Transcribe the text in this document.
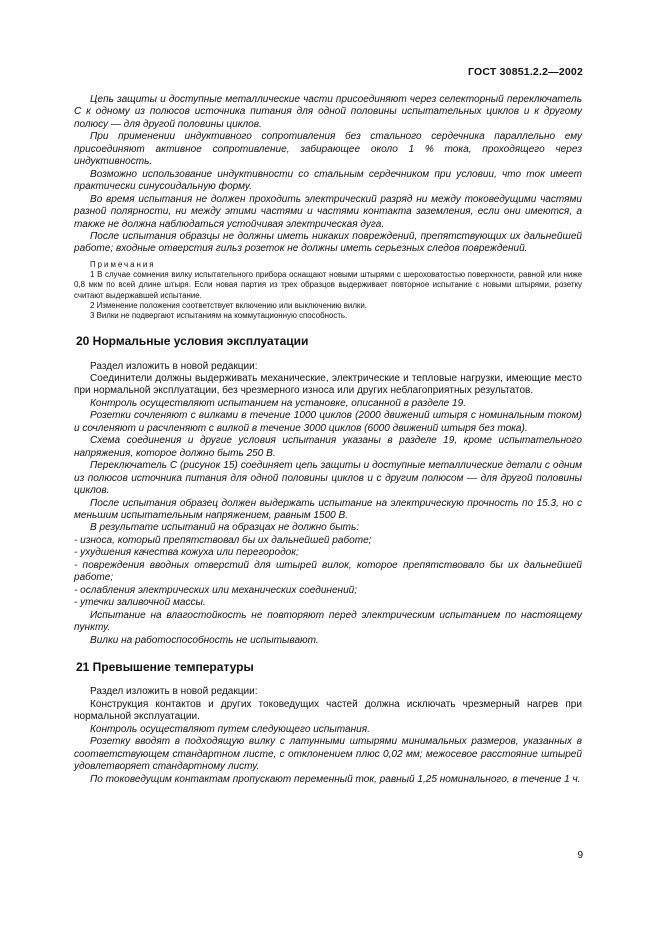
ГОСТ 30851.2.2—2002

Цепь защиты и доступные металлические части присоединяют через селекторный переключатель С к одному из полюсов источника питания для одной половины испытательных циклов и к другому полюсу — для другой половины циклов.

При применении индуктивного сопротивления без стального сердечника параллельно ему присоединяют активное сопротивление, забирающее около 1 % тока, проходящего через индуктивность.

Возможно использование индуктивности со стальным сердечником при условии, что ток имеет практически синусоидальную форму.

Во время испытания не должен проходить электрический разряд ни между токоведущими частями разной полярности, ни между этими частями и частями контакта заземления, если они имеются, а также не должна наблюдаться устойчивая электрическая дуга.

После испытания образцы не должны иметь никаких повреждений, препятствующих их дальнейшей работе; входные отверстия гильз розеток не должны иметь серьезных следов повреждений.

Примечания

1 В случае сомнения вилку испытательного прибора оснащают новыми штырями с шероховатостью поверхности, равной или ниже 0,8 мкм по всей длине штыря. Если новая партия из трех образцов выдерживает повторное испытание с новыми штырями, розетку считают выдержавшей испытание.

2 Изменение положения соответствует включению или выключению вилки.

3 Вилки не подвергают испытаниям на коммутационную способность.

20 Нормальные условия эксплуатации

Раздел изложить в новой редакции:

Соединители должны выдерживать механические, электрические и тепловые нагрузки, имеющие место при нормальной эксплуатации, без чрезмерного износа или других неблагоприятных результатов.

Контроль осуществляют испытанием на установке, описанной в разделе 19.

Розетки сочленяют с вилками в течение 1000 циклов (2000 движений штыря с номинальным током) и сочленяют и расчленяют с вилкой в течение 3000 циклов (6000 движений штыря без тока).

Схема соединения и другие условия испытания указаны в разделе 19, кроме испытательного напряжения, которое должно быть 250 В.

Переключатель С (рисунок 15) соединяет цепь защиты и доступные металлические детали с одним из полюсов источника питания для одной половины циклов и с другим полюсом — для другой половины циклов.

После испытания образец должен выдержать испытание на электрическую прочность по 15.3, но с меньшим испытательным напряжением, равным 1500 В.

В результате испытаний на образцах не должно быть:

- износа, который препятствовал бы их дальнейшей работе;

- ухудшения качества кожуха или перегородок;

- повреждения вводных отверстий для штырей вилок, которое препятствовало бы их дальнейшей работе;

- ослабления электрических или механических соединений;

- утечки заливочной массы.

Испытание на влагостойкость не повторяют перед электрическим испытанием по настоящему пункту.

Вилки на работоспособность не испытывают.

21 Превышение температуры

Раздел изложить в новой редакции:

Конструкция контактов и других токоведущих частей должна исключать чрезмерный нагрев при нормальной эксплуатации.

Контроль осуществляют путем следующего испытания.

Розетку вводят в подходящую вилку с латунными штырями минимальных размеров, указанных в соответствующем стандартном листе, с отклонением плюс 0,02 мм; межосевое расстояние штырей удовлетворяет стандартному листу.

По токоведущим контактам пропускают переменный ток, равный 1,25 номинального, в течение 1 ч.

9
